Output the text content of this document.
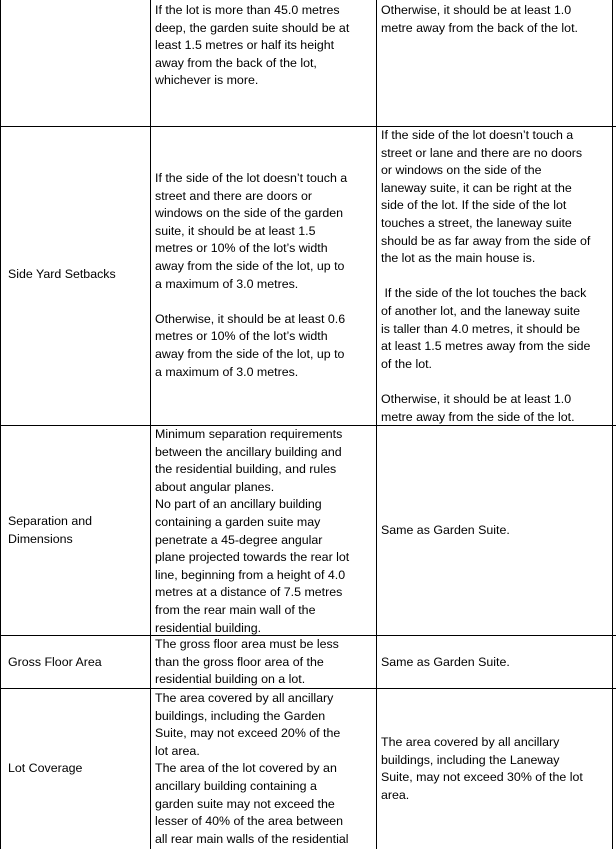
If the lot is more than 45.0 metres

deep, the garden suite should be at

least 1.5 metres or half its height

away from the back of the lot,

whichever is more.

Otherwise, it should be at least 1.0

metre away from the back of the lot.

Side Yard Setbacks

If the side of the lot doesn’t touch a

street and there are doors or

windows on the side of the garden

suite, it should be at least 1.5

metres or 10% of the lot’s width

away from the side of the lot, up to

a maximum of 3.0 metres.

Otherwise, it should be at least 0.6

metres or 10% of the lot’s width

away from the side of the lot, up to

a maximum of 3.0 metres.

If the side of the lot doesn’t touch a

street or lane and there are no doors

or windows on the side of the

laneway suite, it can be right at the

side of the lot. If the side of the lot

touches a street, the laneway suite

should be as far away from the side of

the lot as the main house is.

If the side of the lot touches the back

of another lot, and the laneway suite

is taller than 4.0 metres, it should be

at least 1.5 metres away from the side

of the lot.

Otherwise, it should be at least 1.0

metre away from the side of the lot.

Separation and

Dimensions

Minimum separation requirements

between the ancillary building and

the residential building, and rules

about angular planes.

No part of an ancillary building

containing a garden suite may

penetrate a 45-degree angular

plane projected towards the rear lot

line, beginning from a height of 4.0

metres at a distance of 7.5 metres

from the rear main wall of the

residential building.

Same as Garden Suite.

Gross Floor Area

The gross floor area must be less

than the gross floor area of the

residential building on a lot.

Same as Garden Suite.

Lot Coverage

The area covered by all ancillary

buildings, including the Garden

Suite, may not exceed 20% of the

lot area.

The area of the lot covered by an

ancillary building containing a

garden suite may not exceed the

lesser of 40% of the area between

all rear main walls of the residential

The area covered by all ancillary

buildings, including the Laneway

Suite, may not exceed 30% of the lot

area.
